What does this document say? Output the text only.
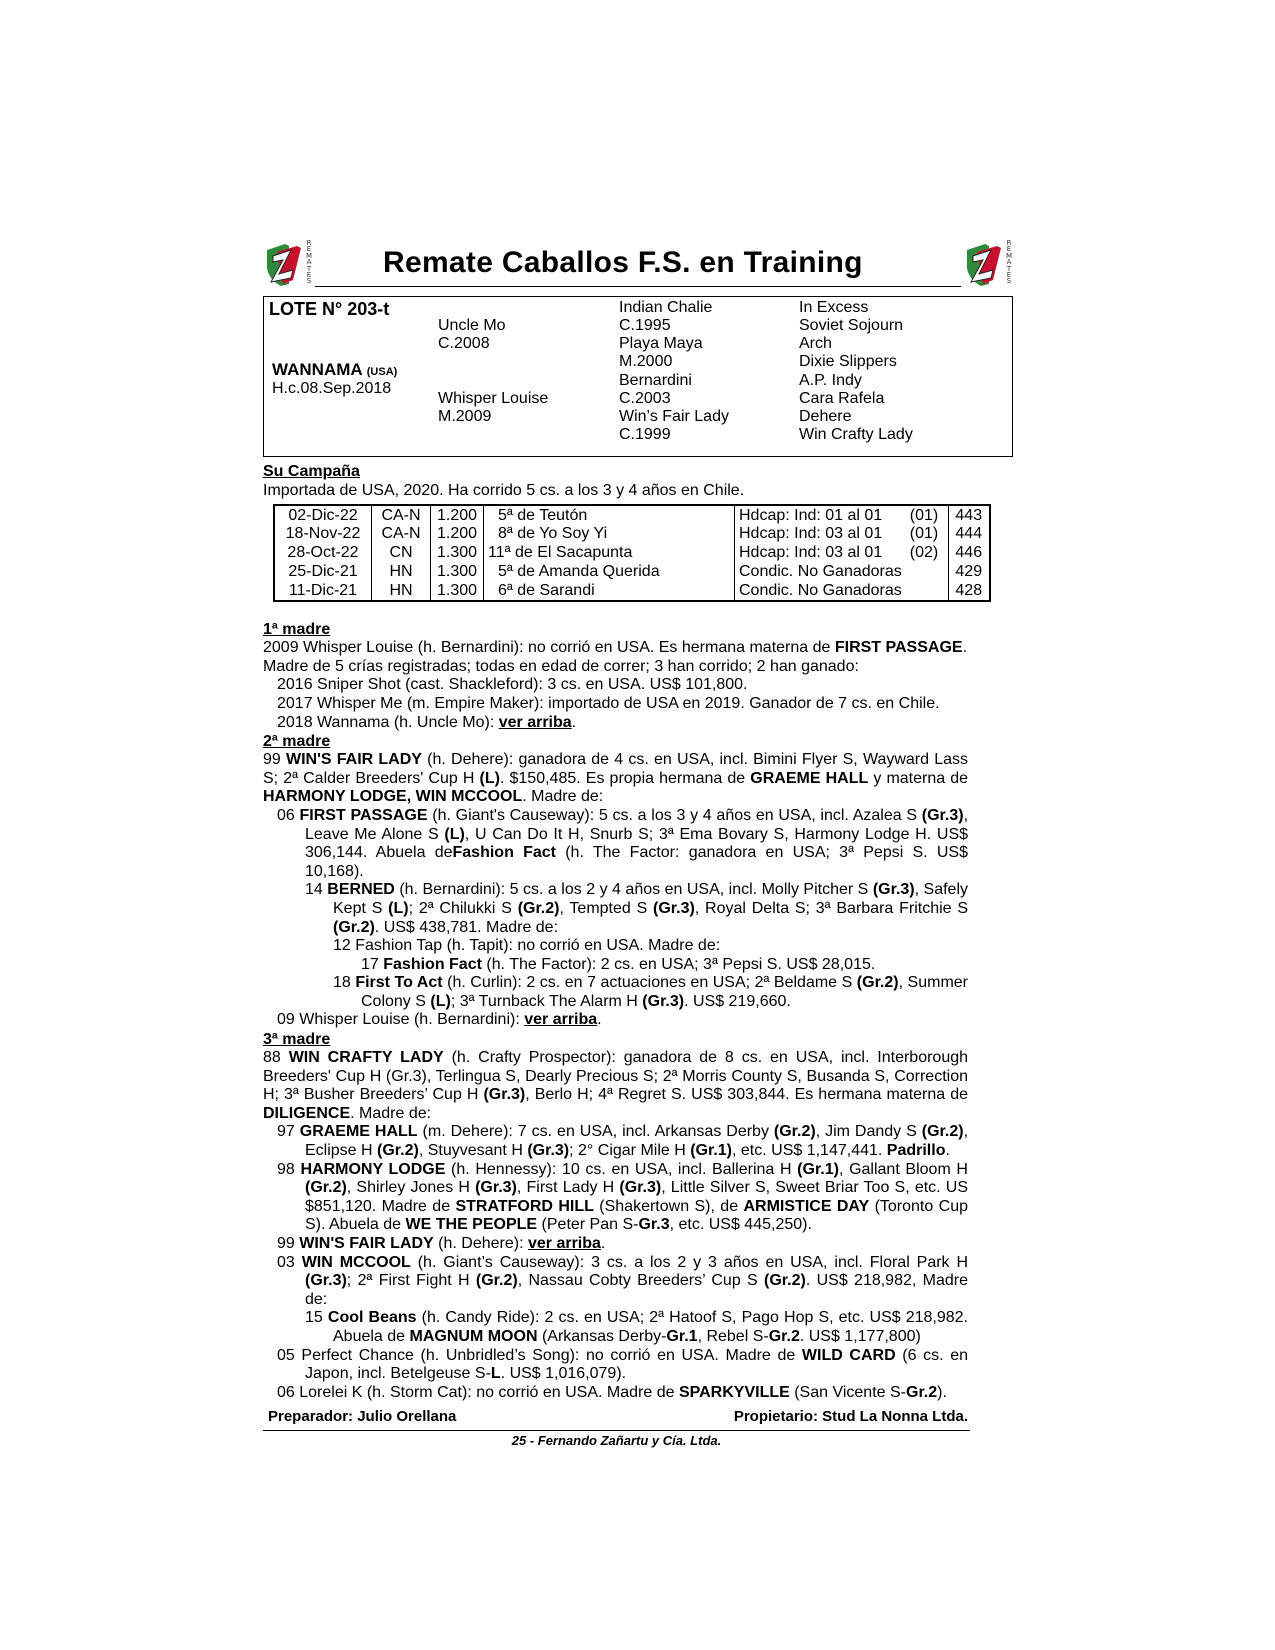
R
E
M
A
T
E
S
Remate Caballos F.S. en Training
R
E
M
A
T
E
S
LOTE N° 203-t
WANNAMA (USA)
H.c.08.Sep.2018
Uncle Mo
C.2008
Whisper Louise
M.2009
Indian Chalie
C.1995
Playa Maya
M.2000
Bernardini
C.2003
Win’s Fair Lady
C.1999
In Excess
Soviet Sojourn
Arch
Dixie Slippers
A.P. Indy
Cara Rafela
Dehere
Win Crafty Lady
Su Campaña
Importada de USA, 2020. Ha corrido 5 cs. a los 3 y 4 años en Chile.
02-Dic-22	CA-N	1.200	5ª de Teutón	Hdcap: Ind: 01 al 01	(01)	443
18-Nov-22	CA-N	1.200	8ª de Yo Soy Yi	Hdcap: Ind: 03 al 01	(01)	444
28-Oct-22	CN	1.300	11ª de El Sacapunta	Hdcap: Ind: 03 al 01	(02)	446
25-Dic-21	HN	1.300	5ª de Amanda Querida	Condic. No Ganadoras		429
11-Dic-21	HN	1.300	6ª de Sarandi	Condic. No Ganadoras		428
1ª madre
2009 Whisper Louise (h. Bernardini): no corrió en USA. Es hermana materna de FIRST PASSAGE.
Madre de 5 crías registradas; todas en edad de correr; 3 han corrido; 2 han ganado:
2016 Sniper Shot (cast. Shackleford): 3 cs. en USA. US$ 101,800.
2017 Whisper Me (m. Empire Maker): importado de USA en 2019. Ganador de 7 cs. en Chile.
2018 Wannama (h. Uncle Mo): ver arriba.
2ª madre
99 WIN'S FAIR LADY (h. Dehere): ganadora de 4 cs. en USA, incl. Bimini Flyer S, Wayward Lass S; 2ª Calder Breeders' Cup H (L). $150,485. Es propia hermana de GRAEME HALL y materna de HARMONY LODGE, WIN MCCOOL. Madre de:
06 FIRST PASSAGE (h. Giant's Causeway): 5 cs. a los 3 y 4 años en USA, incl. Azalea S (Gr.3), Leave Me Alone S (L), U Can Do It H, Snurb S; 3ª Ema Bovary S, Harmony Lodge H. US$ 306,144. Abuela deFashion Fact (h. The Factor: ganadora en USA; 3ª Pepsi S. US$ 10,168).
14 BERNED (h. Bernardini): 5 cs. a los 2 y 4 años en USA, incl. Molly Pitcher S (Gr.3), Safely Kept S (L); 2ª Chilukki S (Gr.2), Tempted S (Gr.3), Royal Delta S; 3ª Barbara Fritchie S (Gr.2). US$ 438,781. Madre de:
12 Fashion Tap (h. Tapit): no corrió en USA. Madre de:
17 Fashion Fact (h. The Factor): 2 cs. en USA; 3ª Pepsi S. US$ 28,015.
18 First To Act (h. Curlin): 2 cs. en 7 actuaciones en USA; 2ª Beldame S (Gr.2), Summer Colony S (L); 3ª Turnback The Alarm H (Gr.3). US$ 219,660.
09 Whisper Louise (h. Bernardini): ver arriba.
3ª madre
88 WIN CRAFTY LADY (h. Crafty Prospector): ganadora de 8 cs. en USA, incl. Interborough Breeders' Cup H (Gr.3), Terlingua S, Dearly Precious S; 2ª Morris County S, Busanda S, Correction H; 3ª Busher Breeders’ Cup H (Gr.3), Berlo H; 4ª Regret S. US$ 303,844. Es hermana materna de DILIGENCE. Madre de:
97 GRAEME HALL (m. Dehere): 7 cs. en USA, incl. Arkansas Derby (Gr.2), Jim Dandy S (Gr.2), Eclipse H (Gr.2), Stuyvesant H (Gr.3); 2° Cigar Mile H (Gr.1), etc. US$ 1,147,441. Padrillo.
98 HARMONY LODGE (h. Hennessy): 10 cs. en USA, incl. Ballerina H (Gr.1), Gallant Bloom H (Gr.2), Shirley Jones H (Gr.3), First Lady H (Gr.3), Little Silver S, Sweet Briar Too S, etc. US $851,120. Madre de STRATFORD HILL (Shakertown S), de ARMISTICE DAY (Toronto Cup S). Abuela de WE THE PEOPLE (Peter Pan S-Gr.3, etc. US$ 445,250).
99 WIN'S FAIR LADY (h. Dehere): ver arriba.
03 WIN MCCOOL (h. Giant’s Causeway): 3 cs. a los 2 y 3 años en USA, incl. Floral Park H (Gr.3); 2ª First Fight H (Gr.2), Nassau Cobty Breeders’ Cup S (Gr.2). US$ 218,982, Madre de:
15 Cool Beans (h. Candy Ride): 2 cs. en USA; 2ª Hatoof S, Pago Hop S, etc. US$ 218,982. Abuela de MAGNUM MOON (Arkansas Derby-Gr.1, Rebel S-Gr.2. US$ 1,177,800)
05 Perfect Chance (h. Unbridled’s Song): no corrió en USA. Madre de WILD CARD (6 cs. en Japon, incl. Betelgeuse S-L. US$ 1,016,079).
06 Lorelei K (h. Storm Cat): no corrió en USA. Madre de SPARKYVILLE (San Vicente S-Gr.2).
Preparador: Julio Orellana	Propietario: Stud La Nonna Ltda.
25 - Fernando Zañartu y Cía. Ltda.
